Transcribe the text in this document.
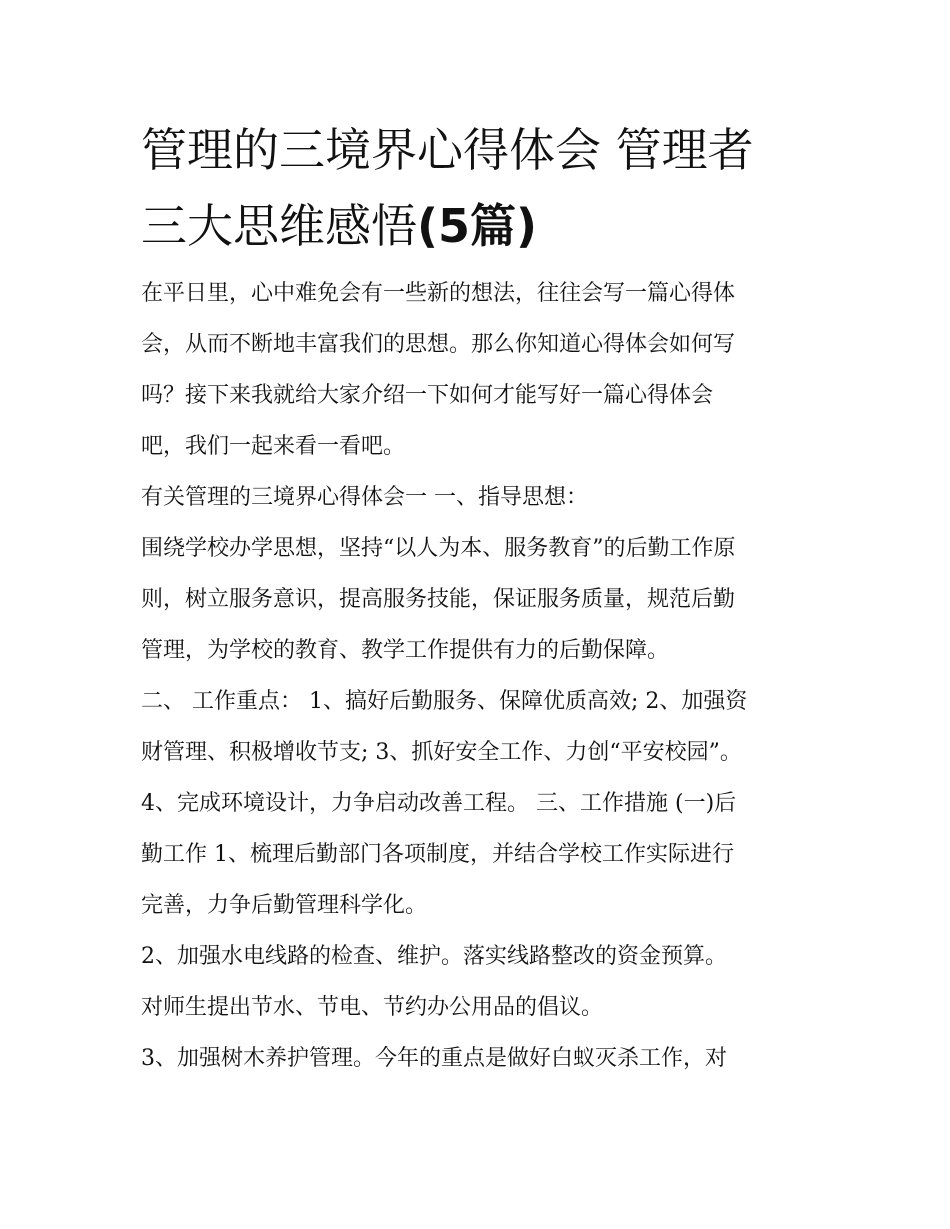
管理的三境界心得体会 管理者
三大思维感悟(5篇)

在平日里，心中难免会有一些新的想法，往往会写一篇心得体
会，从而不断地丰富我们的思想。那么你知道心得体会如何写
吗？接下来我就给大家介绍一下如何才能写好一篇心得体会
吧，我们一起来看一看吧。

有关管理的三境界心得体会一 一、指导思想：

围绕学校办学思想，坚持“以人为本、服务教育”的后勤工作原
则，树立服务意识，提高服务技能，保证服务质量，规范后勤
管理，为学校的教育、教学工作提供有力的后勤保障。

二、 工作重点： 1、搞好后勤服务、保障优质高效; 2、加强资
财管理、积极增收节支; 3、抓好安全工作、力创“平安校园”。
4、完成环境设计，力争启动改善工程。 三、工作措施 (一)后
勤工作 1、梳理后勤部门各项制度，并结合学校工作实际进行
完善，力争后勤管理科学化。

2、加强水电线路的检查、维护。落实线路整改的资金预算。
对师生提出节水、节电、节约办公用品的倡议。

3、加强树木养护管理。今年的重点是做好白蚁灭杀工作，对
